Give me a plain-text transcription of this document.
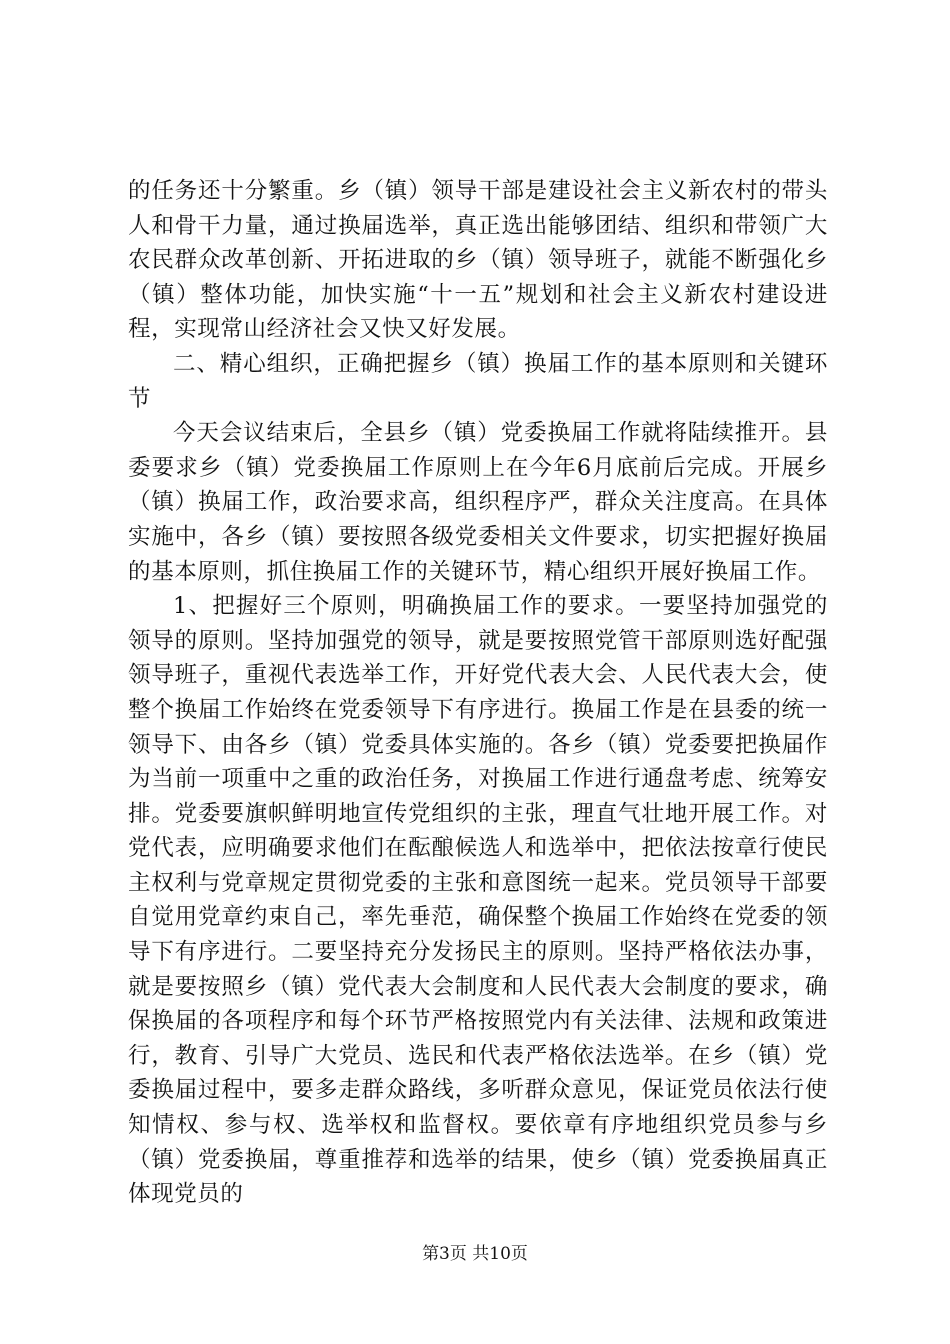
的任务还十分繁重。乡（镇）领导干部是建设社会主义新农村的带头人和骨干力量，通过换届选举，真正选出能够团结、组织和带领广大农民群众改革创新、开拓进取的乡（镇）领导班子，就能不断强化乡（镇）整体功能，加快实施“十一五”规划和社会主义新农村建设进程，实现常山经济社会又快又好发展。

二、精心组织，正确把握乡（镇）换届工作的基本原则和关键环节

今天会议结束后，全县乡（镇）党委换届工作就将陆续推开。县委要求乡（镇）党委换届工作原则上在今年6月底前后完成。开展乡（镇）换届工作，政治要求高，组织程序严，群众关注度高。在具体实施中，各乡（镇）要按照各级党委相关文件要求，切实把握好换届的基本原则，抓住换届工作的关键环节，精心组织开展好换届工作。

1、把握好三个原则，明确换届工作的要求。一要坚持加强党的领导的原则。坚持加强党的领导，就是要按照党管干部原则选好配强领导班子，重视代表选举工作，开好党代表大会、人民代表大会，使整个换届工作始终在党委领导下有序进行。换届工作是在县委的统一领导下、由各乡（镇）党委具体实施的。各乡（镇）党委要把换届作为当前一项重中之重的政治任务，对换届工作进行通盘考虑、统筹安排。党委要旗帜鲜明地宣传党组织的主张，理直气壮地开展工作。对党代表，应明确要求他们在酝酿候选人和选举中，把依法按章行使民主权利与党章规定贯彻党委的主张和意图统一起来。党员领导干部要自觉用党章约束自己，率先垂范，确保整个换届工作始终在党委的领导下有序进行。二要坚持充分发扬民主的原则。坚持严格依法办事，就是要按照乡（镇）党代表大会制度和人民代表大会制度的要求，确保换届的各项程序和每个环节严格按照党内有关法律、法规和政策进行，教育、引导广大党员、选民和代表严格依法选举。在乡（镇）党委换届过程中，要多走群众路线，多听群众意见，保证党员依法行使知情权、参与权、选举权和监督权。要依章有序地组织党员参与乡（镇）党委换届，尊重推荐和选举的结果，使乡（镇）党委换届真正体现党员的

第3页 共10页
